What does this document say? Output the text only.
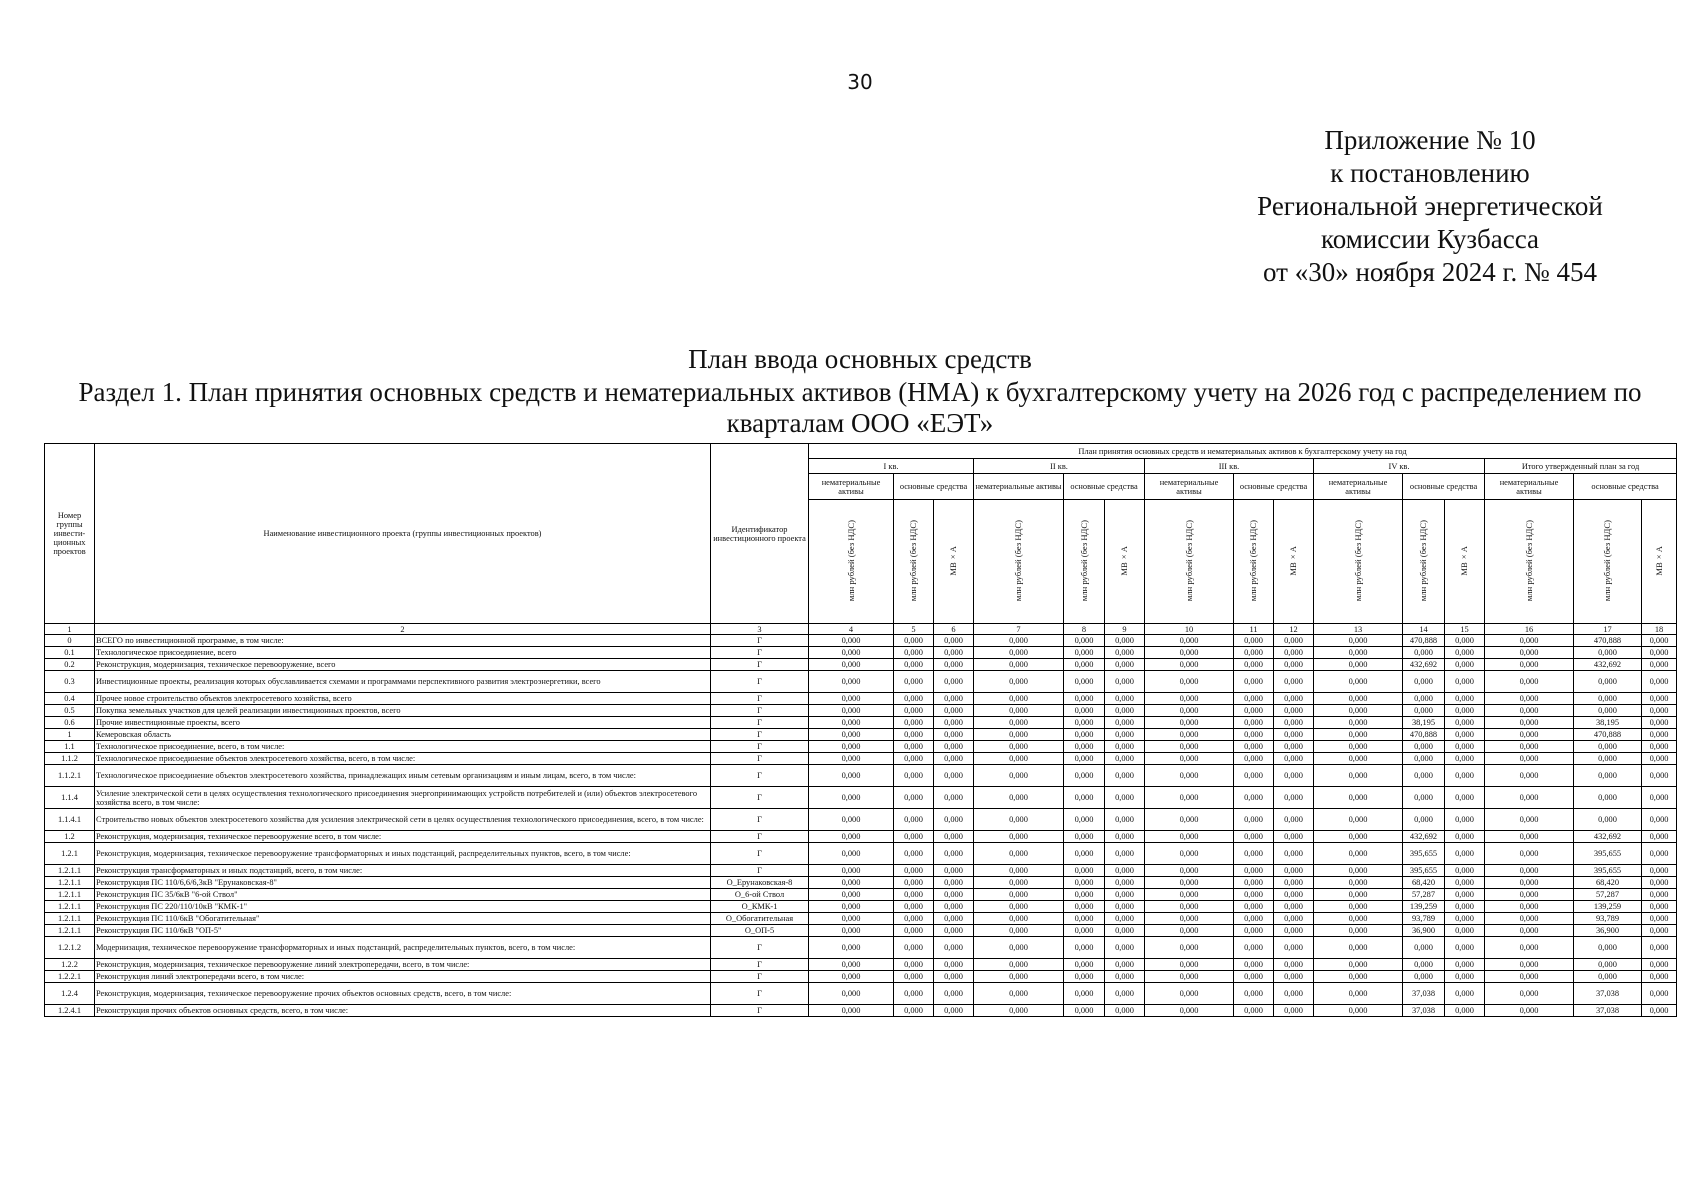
30
Приложение № 10
к постановлению
Региональной энергетической
комиссии Кузбасса
от «30» ноября 2024 г. № 454
План ввода основных средств
Раздел 1. План принятия основных средств и нематериальных активов (НМА) к бухгалтерскому учету на 2026 год с распределением по кварталам ООО «ЕЭТ»
Номер группы инвести-ционных проектов	Наименование инвестиционного проекта (группы инвестиционных проектов)	Идентификатор инвестиционного проекта	План принятия основных средств и нематериальных активов к бухгалтерскому учету на год														
			I кв.			II кв.			III кв.			IV кв.			Итого утвержденный план за год		
			нематериальные активы	основные средства		нематериальные активы	основные средства		нематериальные активы	основные средства		нематериальные активы	основные средства		нематериальные активы	основные средства	
			млн рублей (без НДС)	млн рублей (без НДС)	МВ×А	млн рублей (без НДС)	млн рублей (без НДС)	МВ×А	млн рублей (без НДС)	млн рублей (без НДС)	МВ×А	млн рублей (без НДС)	млн рублей (без НДС)	МВ×А	млн рублей (без НДС)	млн рублей (без НДС)	МВ×А
1	2	3	4	5	6	7	8	9	10	11	12	13	14	15	16	17	18
0	ВСЕГО по инвестиционной программе, в том числе:	Г	0,000	0,000	0,000	0,000	0,000	0,000	0,000	0,000	0,000	0,000	470,888	0,000	0,000	470,888	0,000
0.1	Технологическое присоединение, всего	Г	0,000	0,000	0,000	0,000	0,000	0,000	0,000	0,000	0,000	0,000	0,000	0,000	0,000	0,000	0,000
0.2	Реконструкция, модернизация, техническое перевооружение, всего	Г	0,000	0,000	0,000	0,000	0,000	0,000	0,000	0,000	0,000	0,000	432,692	0,000	0,000	432,692	0,000
0.3	Инвестиционные проекты, реализация которых обуславливается схемами и программами перспективного развития электроэнергетики, всего	Г	0,000	0,000	0,000	0,000	0,000	0,000	0,000	0,000	0,000	0,000	0,000	0,000	0,000	0,000	0,000
0.4	Прочее новое строительство объектов электросетевого хозяйства, всего	Г	0,000	0,000	0,000	0,000	0,000	0,000	0,000	0,000	0,000	0,000	0,000	0,000	0,000	0,000	0,000
0.5	Покупка земельных участков для целей реализации инвестиционных проектов, всего	Г	0,000	0,000	0,000	0,000	0,000	0,000	0,000	0,000	0,000	0,000	0,000	0,000	0,000	0,000	0,000
0.6	Прочие инвестиционные проекты, всего	Г	0,000	0,000	0,000	0,000	0,000	0,000	0,000	0,000	0,000	0,000	38,195	0,000	0,000	38,195	0,000
1	Кемеровская область	Г	0,000	0,000	0,000	0,000	0,000	0,000	0,000	0,000	0,000	0,000	470,888	0,000	0,000	470,888	0,000
1.1	Технологическое присоединение, всего, в том числе:	Г	0,000	0,000	0,000	0,000	0,000	0,000	0,000	0,000	0,000	0,000	0,000	0,000	0,000	0,000	0,000
1.1.2	Технологическое присоединение объектов электросетевого хозяйства, всего, в том числе:	Г	0,000	0,000	0,000	0,000	0,000	0,000	0,000	0,000	0,000	0,000	0,000	0,000	0,000	0,000	0,000
1.1.2.1	Технологическое присоединение объектов электросетевого хозяйства, принадлежащих иным сетевым организациям и иным лицам, всего, в том числе:	Г	0,000	0,000	0,000	0,000	0,000	0,000	0,000	0,000	0,000	0,000	0,000	0,000	0,000	0,000	0,000
1.1.4	Усиление электрической сети в целях осуществления технологического присоединения энергопринимающих устройств потребителей и (или) объектов электросетевого хозяйства всего, в том числе:	Г	0,000	0,000	0,000	0,000	0,000	0,000	0,000	0,000	0,000	0,000	0,000	0,000	0,000	0,000	0,000
1.1.4.1	Строительство новых объектов электросетевого хозяйства для усиления электрической сети в целях осуществления технологического присоединения, всего, в том числе:	Г	0,000	0,000	0,000	0,000	0,000	0,000	0,000	0,000	0,000	0,000	0,000	0,000	0,000	0,000	0,000
1.2	Реконструкция, модернизация, техническое перевооружение всего, в том числе:	Г	0,000	0,000	0,000	0,000	0,000	0,000	0,000	0,000	0,000	0,000	432,692	0,000	0,000	432,692	0,000
1.2.1	Реконструкция, модернизация, техническое перевооружение трансформаторных и иных подстанций, распределительных пунктов, всего, в том числе:	Г	0,000	0,000	0,000	0,000	0,000	0,000	0,000	0,000	0,000	0,000	395,655	0,000	0,000	395,655	0,000
1.2.1.1	Реконструкция трансформаторных и иных подстанций, всего, в том числе:	Г	0,000	0,000	0,000	0,000	0,000	0,000	0,000	0,000	0,000	0,000	395,655	0,000	0,000	395,655	0,000
1.2.1.1	Реконструкция ПС 110/6,6/6,3кВ "Ерунаковская-8"	О_Ерунаковская-8	0,000	0,000	0,000	0,000	0,000	0,000	0,000	0,000	0,000	0,000	68,420	0,000	0,000	68,420	0,000
1.2.1.1	Реконструкция ПС 35/6кВ "6-ой Ствол"	О_6-ой Ствол	0,000	0,000	0,000	0,000	0,000	0,000	0,000	0,000	0,000	0,000	57,287	0,000	0,000	57,287	0,000
1.2.1.1	Реконструкция ПС 220/110/10кВ "КМК-1"	О_КМК-1	0,000	0,000	0,000	0,000	0,000	0,000	0,000	0,000	0,000	0,000	139,259	0,000	0,000	139,259	0,000
1.2.1.1	Реконструкция ПС 110/6кВ "Обогатительная"	О_Обогатительная	0,000	0,000	0,000	0,000	0,000	0,000	0,000	0,000	0,000	0,000	93,789	0,000	0,000	93,789	0,000
1.2.1.1	Реконструкция ПС 110/6кВ "ОП-5"	О_ОП-5	0,000	0,000	0,000	0,000	0,000	0,000	0,000	0,000	0,000	0,000	36,900	0,000	0,000	36,900	0,000
1.2.1.2	Модернизация, техническое перевооружение трансформаторных и иных подстанций, распределительных пунктов, всего, в том числе:	Г	0,000	0,000	0,000	0,000	0,000	0,000	0,000	0,000	0,000	0,000	0,000	0,000	0,000	0,000	0,000
1.2.2	Реконструкция, модернизация, техническое перевооружение линий электропередачи, всего, в том числе:	Г	0,000	0,000	0,000	0,000	0,000	0,000	0,000	0,000	0,000	0,000	0,000	0,000	0,000	0,000	0,000
1.2.2.1	Реконструкция линий электропередачи всего, в том числе:	Г	0,000	0,000	0,000	0,000	0,000	0,000	0,000	0,000	0,000	0,000	0,000	0,000	0,000	0,000	0,000
1.2.4	Реконструкция, модернизация, техническое перевооружение прочих объектов основных средств, всего, в том числе:	Г	0,000	0,000	0,000	0,000	0,000	0,000	0,000	0,000	0,000	0,000	37,038	0,000	0,000	37,038	0,000
1.2.4.1	Реконструкция прочих объектов основных средств, всего, в том числе:	Г	0,000	0,000	0,000	0,000	0,000	0,000	0,000	0,000	0,000	0,000	37,038	0,000	0,000	37,038	0,000
